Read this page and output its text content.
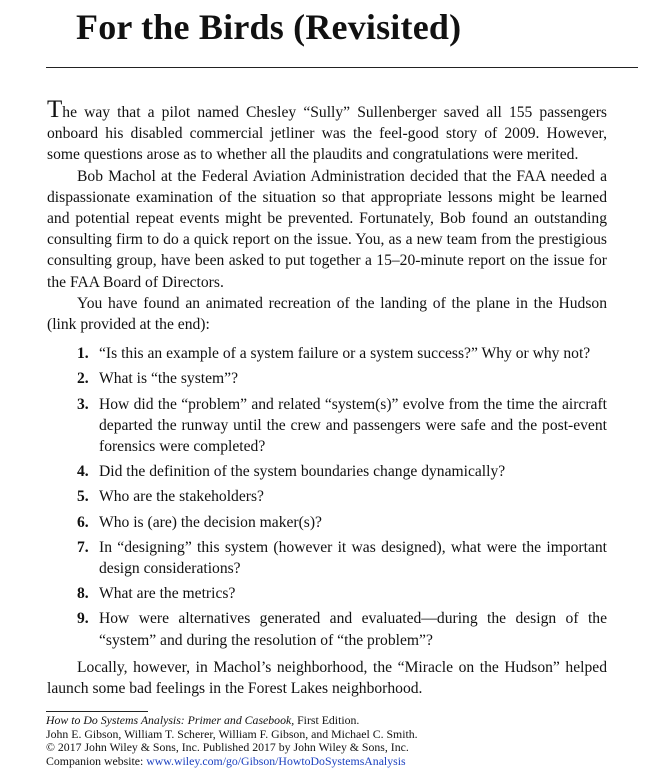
For the Birds (Revisited)

The way that a pilot named Chesley “Sully” Sullenberger saved all 155 passengers onboard his disabled commercial jetliner was the feel-good story of 2009. However, some questions arose as to whether all the plaudits and congratulations were merited.

Bob Machol at the Federal Aviation Administration decided that the FAA needed a dispassionate examination of the situation so that appropriate lessons might be learned and potential repeat events might be prevented. Fortunately, Bob found an outstanding consulting firm to do a quick report on the issue. You, as a new team from the prestigious consulting group, have been asked to put together a 15–20-minute report on the issue for the FAA Board of Directors.

You have found an animated recreation of the landing of the plane in the Hudson (link provided at the end):

1. “Is this an example of a system failure or a system success?” Why or why not?
2. What is “the system”?
3. How did the “problem” and related “system(s)” evolve from the time the aircraft departed the runway until the crew and passengers were safe and the post-event forensics were completed?
4. Did the definition of the system boundaries change dynamically?
5. Who are the stakeholders?
6. Who is (are) the decision maker(s)?
7. In “designing” this system (however it was designed), what were the important design considerations?
8. What are the metrics?
9. How were alternatives generated and evaluated—during the design of the “system” and during the resolution of “the problem”?

Locally, however, in Machol’s neighborhood, the “Miracle on the Hudson” helped launch some bad feelings in the Forest Lakes neighborhood.

How to Do Systems Analysis: Primer and Casebook, First Edition.
John E. Gibson, William T. Scherer, William F. Gibson, and Michael C. Smith.
© 2017 John Wiley & Sons, Inc. Published 2017 by John Wiley & Sons, Inc.
Companion website: www.wiley.com/go/Gibson/HowtoDoSystemsAnalysis
